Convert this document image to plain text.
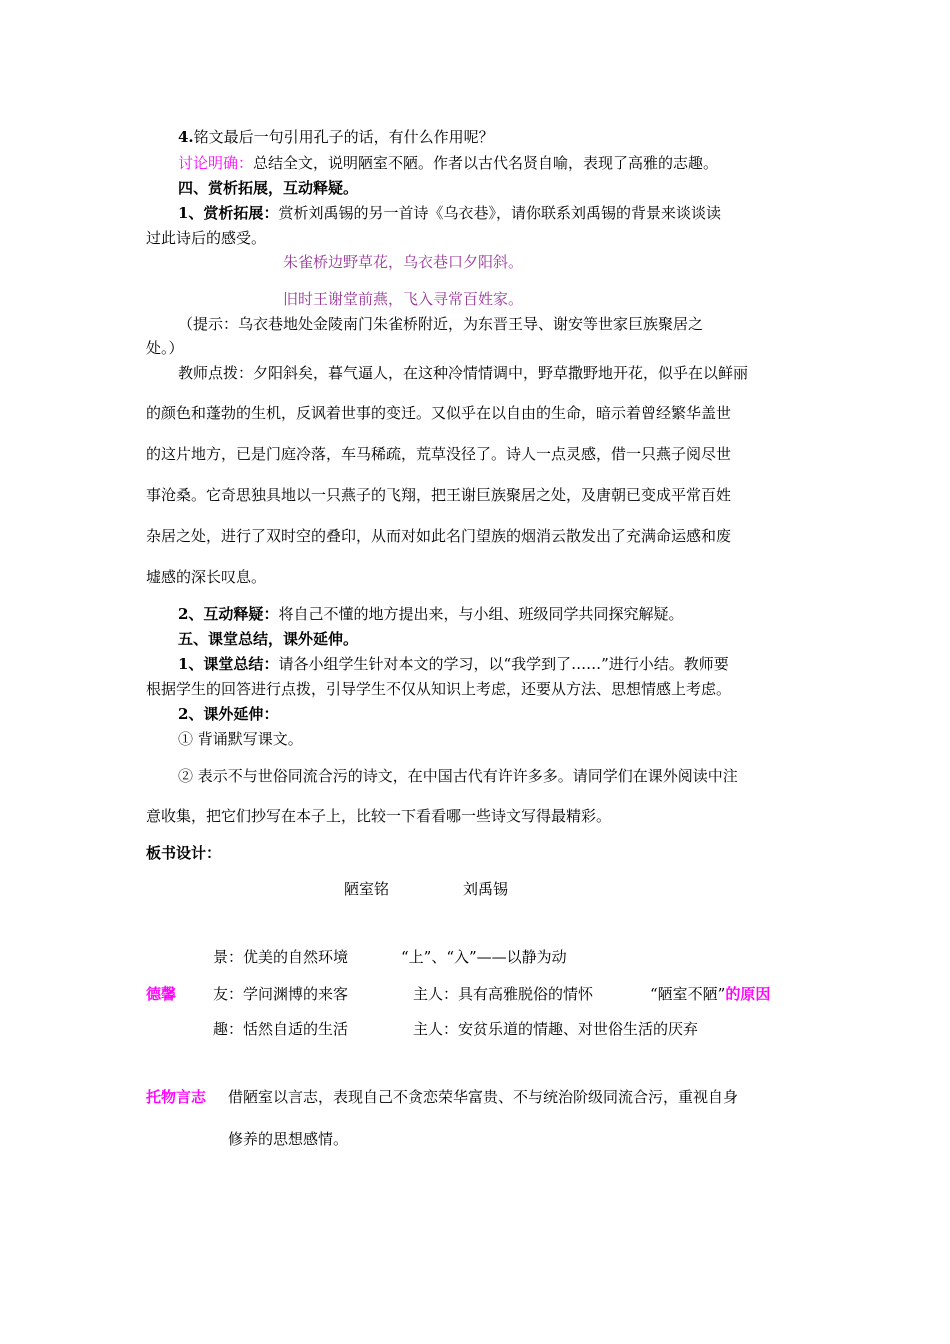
4.铭文最后一句引用孔子的话，有什么作用呢？
讨论明确：总结全文，说明陋室不陋。作者以古代名贤自喻，表现了高雅的志趣。
四、赏析拓展，互动释疑。
1、赏析拓展：赏析刘禹锡的另一首诗《乌衣巷》，请你联系刘禹锡的背景来谈谈读
过此诗后的感受。
朱雀桥边野草花，乌衣巷口夕阳斜。
旧时王谢堂前燕，飞入寻常百姓家。
（提示：乌衣巷地处金陵南门朱雀桥附近，为东晋王导、谢安等世家巨族聚居之
处。）
教师点拨：夕阳斜矣，暮气逼人，在这种冷情情调中，野草撒野地开花，似乎在以鲜丽
的颜色和蓬勃的生机，反讽着世事的变迁。又似乎在以自由的生命，暗示着曾经繁华盖世
的这片地方，已是门庭冷落，车马稀疏，荒草没径了。诗人一点灵感，借一只燕子阅尽世
事沧桑。它奇思独具地以一只燕子的飞翔，把王谢巨族聚居之处，及唐朝已变成平常百姓
杂居之处，进行了双时空的叠印，从而对如此名门望族的烟消云散发出了充满命运感和废
墟感的深长叹息。
2、互动释疑：将自己不懂的地方提出来，与小组、班级同学共同探究解疑。
五、课堂总结，课外延伸。
1、课堂总结：请各小组学生针对本文的学习，以“我学到了……”进行小结。教师要
根据学生的回答进行点拨，引导学生不仅从知识上考虑，还要从方法、思想情感上考虑。
2、课外延伸：
① 背诵默写课文。
② 表示不与世俗同流合污的诗文，在中国古代有许许多多。请同学们在课外阅读中注
意收集，把它们抄写在本子上，比较一下看看哪一些诗文写得最精彩。
板书设计：
陋室铭	刘禹锡
景：优美的自然环境	“上”、“入”——以静为动
德馨 友：学问渊博的来客	主人：具有高雅脱俗的情怀	“陋室不陋”的原因
趣：恬然自适的生活	主人：安贫乐道的情趣、对世俗生活的厌弃
托物言志 借陋室以言志，表现自己不贪恋荣华富贵、不与统治阶级同流合污，重视自身
修养的思想感情。
